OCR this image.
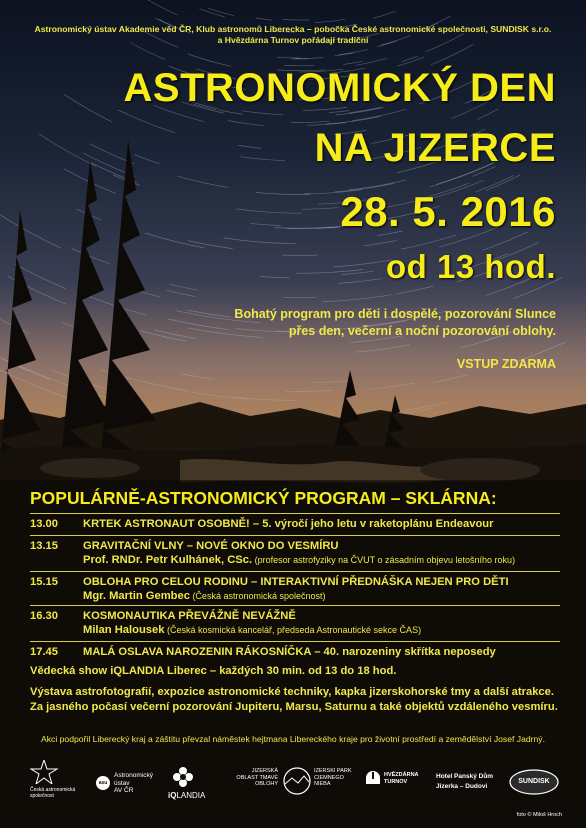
Astronomický ústav Akademie věd ČR, Klub astronomů Liberecka – pobočka České astronomické společnosti, SUNDISK s.r.o.
a Hvězdárna Turnov pořádají tradiční
ASTRONOMICKÝ DEN
NA JIZERCE
28. 5. 2016
od 13 hod.
Bohatý program pro děti i dospělé, pozorování Slunce
přes den, večerní a noční pozorování oblohy.
VSTUP ZDARMA
POPULÁRNĚ-ASTRONOMICKÝ PROGRAM – SKLÁRNA:
13.00 KRTEK ASTRONAUT OSOBNĚ! – 5. výročí jeho letu v raketoplánu Endeavour
13.15 GRAVITAČNÍ VLNY – NOVÉ OKNO DO VESMÍRU
Prof. RNDr. Petr Kulhánek, CSc. (profesor astrofyziky na ČVUT o zásadním objevu letošního roku)
15.15 OBLOHA PRO CELOU RODINU – INTERAKTIVNÍ PŘEDNÁŠKA NEJEN PRO DĚTI
Mgr. Martin Gembec (Česká astronomická společnost)
16.30 KOSMONAUTIKA PŘEVÁŽNĚ NEVÁŽNĚ
Milan Halousek (Česká kosmická kancelář, předseda Astronautické sekce ČAS)
17.45 MALÁ OSLAVA NAROZENIN RÁKOSNÍČKA – 40. narozeniny skřítka neposedy
Vědecká show iQLANDIA Liberec – každých 30 min. od 13 do 18 hod.
Výstava astrofotografií, expozice astronomické techniky, kapka jizerskohorské tmy a další atrakce.
Za jasného počasí večerní pozorování Jupiteru, Marsu, Saturnu a také objektů vzdáleného vesmíru.
Akci podpořil Liberecký kraj a záštitu převzal náměstek hejtmana Libereckého kraje pro životní prostředí a zemědělství Josef Jadrný.
Česká astronomická společnost
asu
Astronomický
ústav
AV ČR	iQLANDIA
JIZERSKÁ OBLAST TMAVÉ OBLOHY
IZERSKI PARK CIEMNEGO NIEBA
HVĚZDÁRNA
TURNOV
Hotel Panský Dům
Jizerka – Dudovi
SUNDISK
foto © Miloš Hroch
